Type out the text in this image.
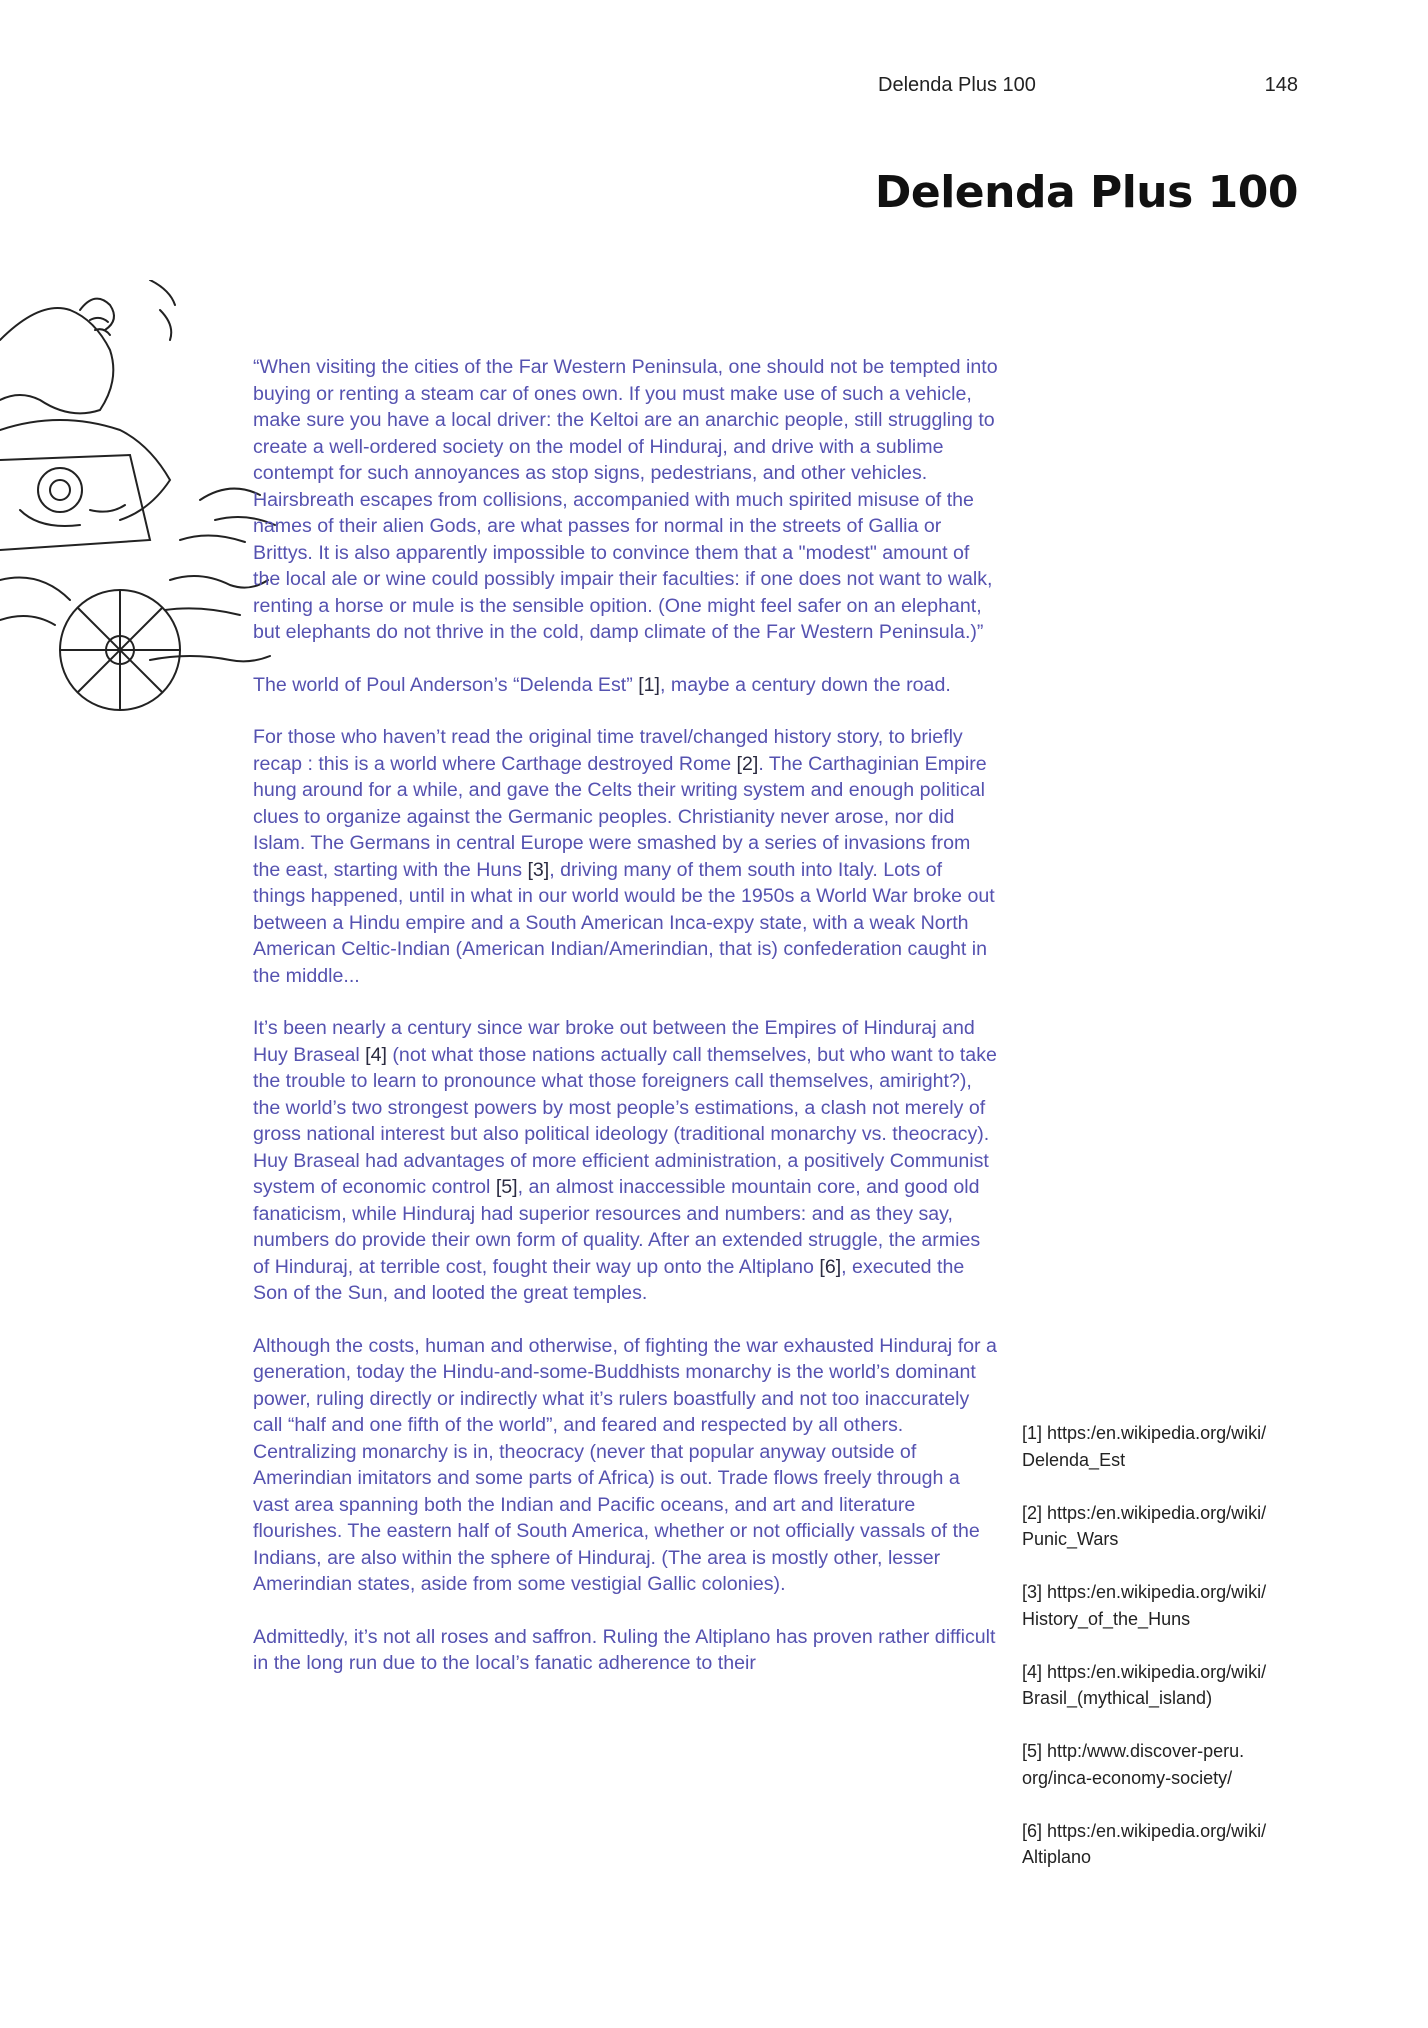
Delenda Plus 100	148
Delenda Plus 100

“When visiting the cities of the Far Western Peninsula, one should not be tempted into buying or renting a steam car of ones own. If you must make use of such a vehicle, make sure you have a local driver: the Keltoi are an anarchic people, still struggling to create a well-ordered society on the model of Hinduraj, and drive with a sublime contempt for such annoyances as stop signs, pedestrians, and other vehicles. Hairsbreath escapes from collisions, accompanied with much spirited misuse of the names of their alien Gods, are what passes for normal in the streets of Gallia or Brittys. It is also apparently impossible to convince them that a "modest" amount of the local ale or wine could possibly impair their faculties: if one does not want to walk, renting a horse or mule is the sensible opition. (One might feel safer on an elephant, but elephants do not thrive in the cold, damp climate of the Far Western Peninsula.)”

The world of Poul Anderson’s “Delenda Est” [1], maybe a century down the road.

For those who haven’t read the original time travel/changed history story, to briefly recap : this is a world where Carthage destroyed Rome [2]. The Carthaginian Empire hung around for a while, and gave the Celts their writing system and enough political clues to organize against the Germanic peoples. Christianity never arose, nor did Islam. The Germans in central Europe were smashed by a series of invasions from the east, starting with the Huns [3], driving many of them south into Italy. Lots of things happened, until in what in our world would be the 1950s a World War broke out between a Hindu empire and a South American Inca-expy state, with a weak North American Celtic-Indian (American Indian/Amerindian, that is) confederation caught in the middle...

It’s been nearly a century since war broke out between the Empires of Hinduraj and Huy Braseal [4] (not what those nations actually call themselves, but who want to take the trouble to learn to pronounce what those foreigners call themselves, amiright?), the world’s two strongest powers by most people’s estimations, a clash not merely of gross national interest but also political ideology (traditional monarchy vs. theocracy). Huy Braseal had advantages of more efficient administration, a positively Communist system of economic control [5], an almost inaccessible mountain core, and good old fanaticism, while Hinduraj had superior resources and numbers: and as they say, numbers do provide their own form of quality. After an extended struggle, the armies of Hinduraj, at terrible cost, fought their way up onto the Altiplano [6], executed the Son of the Sun, and looted the great temples.

Although the costs, human and otherwise, of fighting the war exhausted Hinduraj for a generation, today the Hindu-and-some-Buddhists monarchy is the world’s dominant power, ruling directly or indirectly what it’s rulers boastfully and not too inaccurately call “half and one fifth of the world”, and feared and respected by all others. Centralizing monarchy is in, theocracy (never that popular anyway outside of Amerindian imitators and some parts of Africa) is out. Trade flows freely through a vast area spanning both the Indian and Pacific oceans, and art and literature flourishes. The eastern half of South America, whether or not officially vassals of the Indians, are also within the sphere of Hinduraj. (The area is mostly other, lesser Amerindian states, aside from some vestigial Gallic colonies).

Admittedly, it’s not all roses and saffron. Ruling the Altiplano has proven rather difficult in the long run due to the local’s fanatic adherence to their

[1] https:/en.wikipedia.org/wiki/
Delenda_Est
[2] https:/en.wikipedia.org/wiki/
Punic_Wars
[3] https:/en.wikipedia.org/wiki/
History_of_the_Huns
[4] https:/en.wikipedia.org/wiki/
Brasil_(mythical_island)
[5] http:/www.discover-peru.
org/inca-economy-society/
[6] https:/en.wikipedia.org/wiki/
Altiplano
